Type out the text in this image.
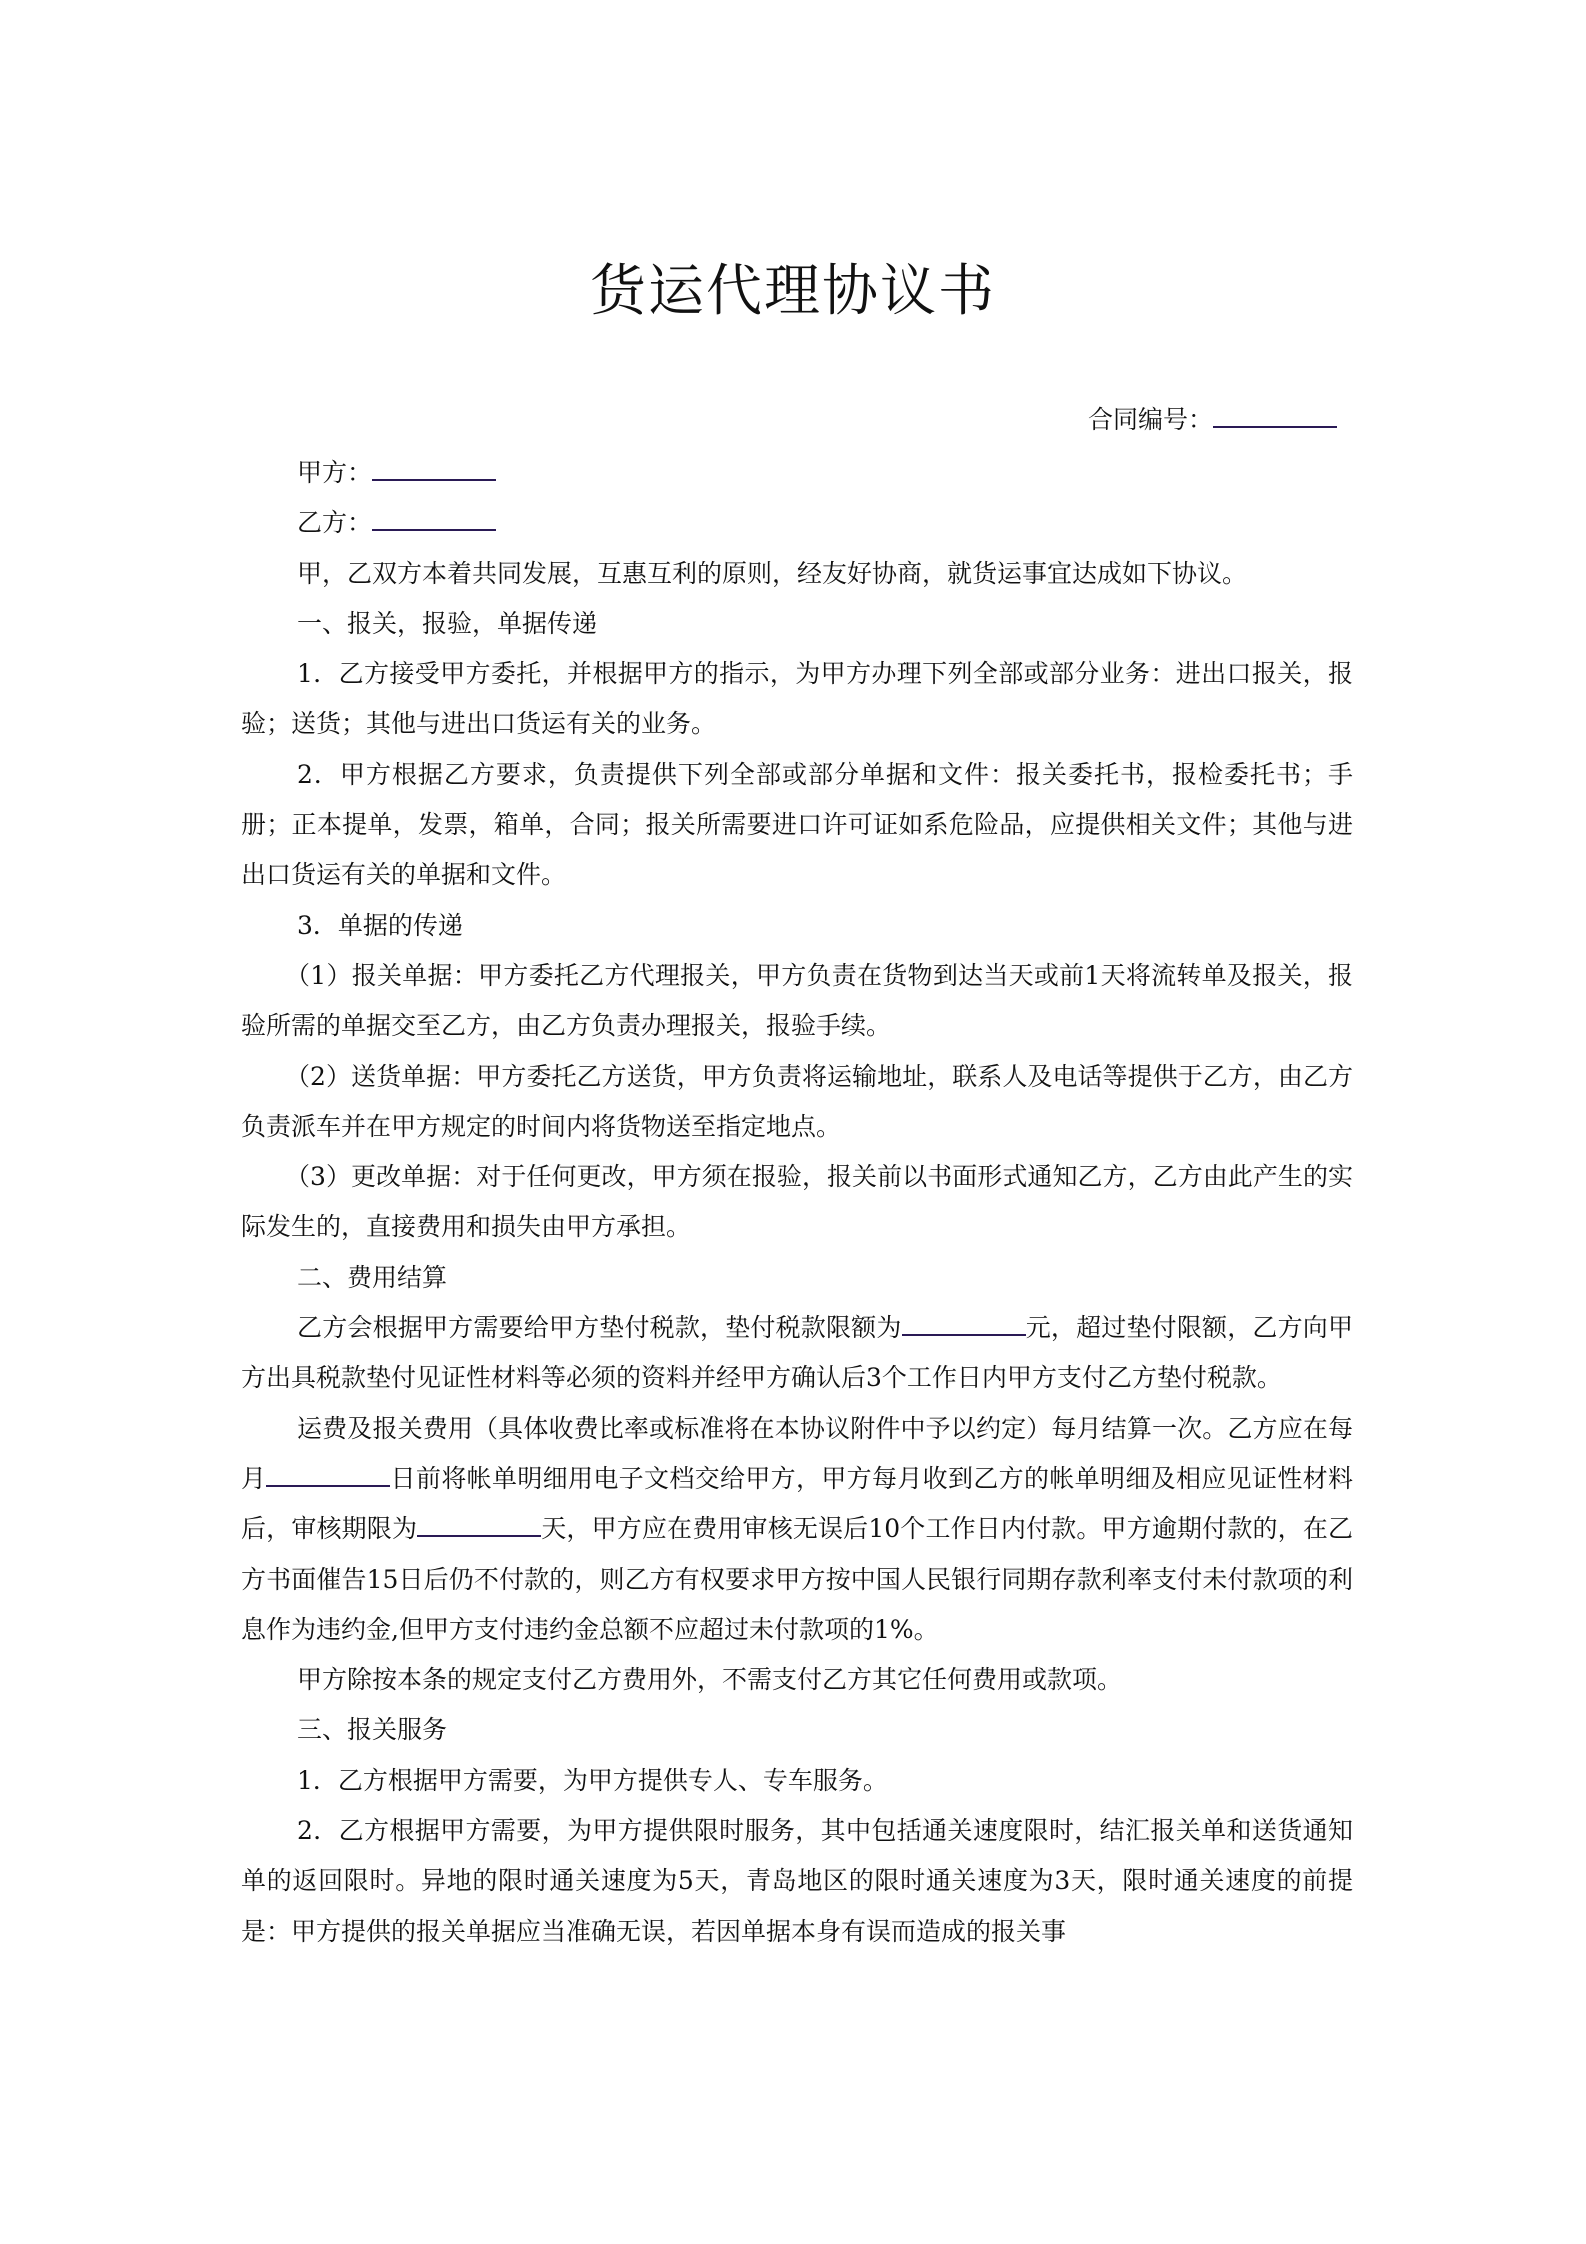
货运代理协议书
合同编号：

甲方：

乙方：

甲，乙双方本着共同发展，互惠互利的原则，经友好协商，就货运事宜达成如下协议。

一、报关，报验，单据传递

1．乙方接受甲方委托，并根据甲方的指示，为甲方办理下列全部或部分业务：进出口报关，报验；送货；其他与进出口货运有关的业务。

2．甲方根据乙方要求，负责提供下列全部或部分单据和文件：报关委托书，报检委托书；手册；正本提单，发票，箱单，合同；报关所需要进口许可证如系危险品，应提供相关文件；其他与进出口货运有关的单据和文件。

3．单据的传递

（1）报关单据：甲方委托乙方代理报关，甲方负责在货物到达当天或前1天将流转单及报关，报验所需的单据交至乙方，由乙方负责办理报关，报验手续。

（2）送货单据：甲方委托乙方送货，甲方负责将运输地址，联系人及电话等提供于乙方，由乙方负责派车并在甲方规定的时间内将货物送至指定地点。

（3）更改单据：对于任何更改，甲方须在报验，报关前以书面形式通知乙方，乙方由此产生的实际发生的，直接费用和损失由甲方承担。

二、费用结算

乙方会根据甲方需要给甲方垫付税款，垫付税款限额为	元，超过垫付限额，乙方向甲方出具税款垫付见证性材料等必须的资料并经甲方确认后3个工作日内甲方支付乙方垫付税款。

运费及报关费用（具体收费比率或标准将在本协议附件中予以约定）每月结算一次。乙方应在每月	日前将帐单明细用电子文档交给甲方，甲方每月收到乙方的帐单明细及相应见证性材料后，审核期限为	天，甲方应在费用审核无误后10个工作日内付款。甲方逾期付款的，在乙方书面催告15日后仍不付款的，则乙方有权要求甲方按中国人民银行同期存款利率支付未付款项的利息作为违约金,但甲方支付违约金总额不应超过未付款项的1%。

甲方除按本条的规定支付乙方费用外，不需支付乙方其它任何费用或款项。

三、报关服务

1．乙方根据甲方需要，为甲方提供专人、专车服务。

2．乙方根据甲方需要，为甲方提供限时服务，其中包括通关速度限时，结汇报关单和送货通知单的返回限时。异地的限时通关速度为5天，青岛地区的限时通关速度为3天，限时通关速度的前提是：甲方提供的报关单据应当准确无误，若因单据本身有误而造成的报关事
